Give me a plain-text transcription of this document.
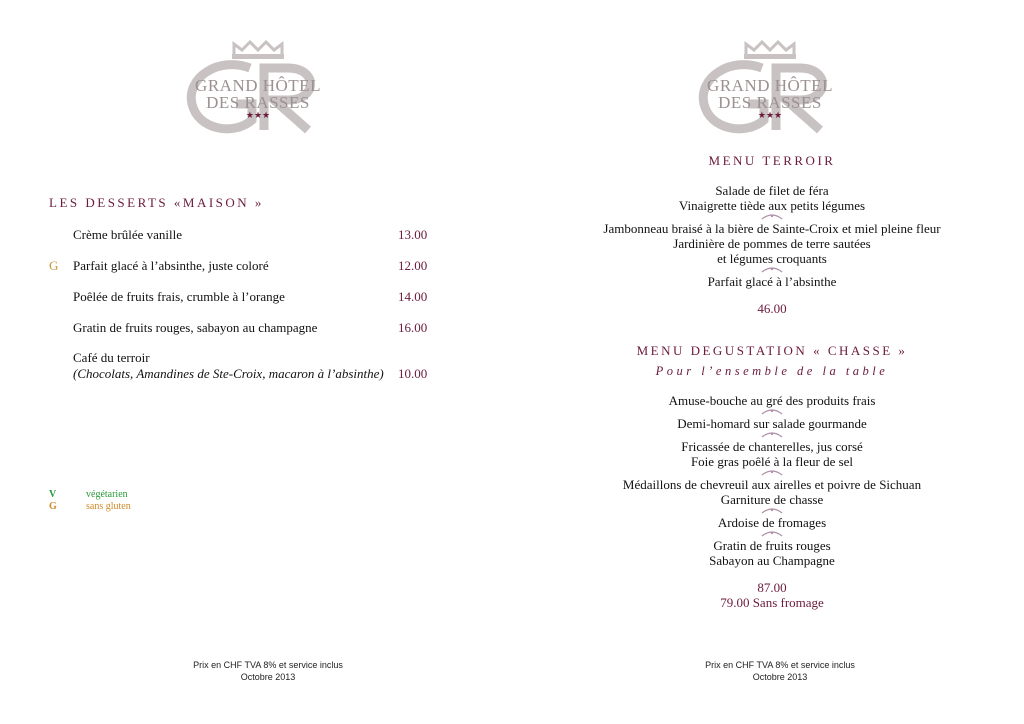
★★★
GRAND HÔTEL
DES RASSES
LES DESSERTS «MAISON »
Crème brûlée vanille	13.00
G	Parfait glacé à l’absinthe, juste coloré	12.00
Poêlée de fruits frais, crumble à l’orange	14.00
Gratin de fruits rouges, sabayon au champagne	16.00
Café du terroir
(Chocolats, Amandines de Ste-Croix, macaron à l’absinthe) 10.00
V	végétarien
G	sans gluten
Prix en CHF TVA 8% et service inclus
Octobre 2013
★★★
GRAND HÔTEL
DES RASSES
MENU TERROIR
Salade de filet de féra
Vinaigrette tiède aux petits légumes
Jambonneau braisé à la bière de Sainte-Croix et miel pleine fleur
Jardinière de pommes de terre sautées
et légumes croquants
Parfait glacé à l’absinthe
46.00
MENU DEGUSTATION « CHASSE »
Pour l’ensemble de la table
Amuse-bouche au gré des produits frais
Demi-homard sur salade gourmande
Fricassée de chanterelles, jus corsé
Foie gras poêlé à la fleur de sel
Médaillons de chevreuil aux airelles et poivre de Sichuan
Garniture de chasse
Ardoise de fromages
Gratin de fruits rouges
Sabayon au Champagne
87.00
79.00 Sans fromage
Prix en CHF TVA 8% et service inclus
Octobre 2013
